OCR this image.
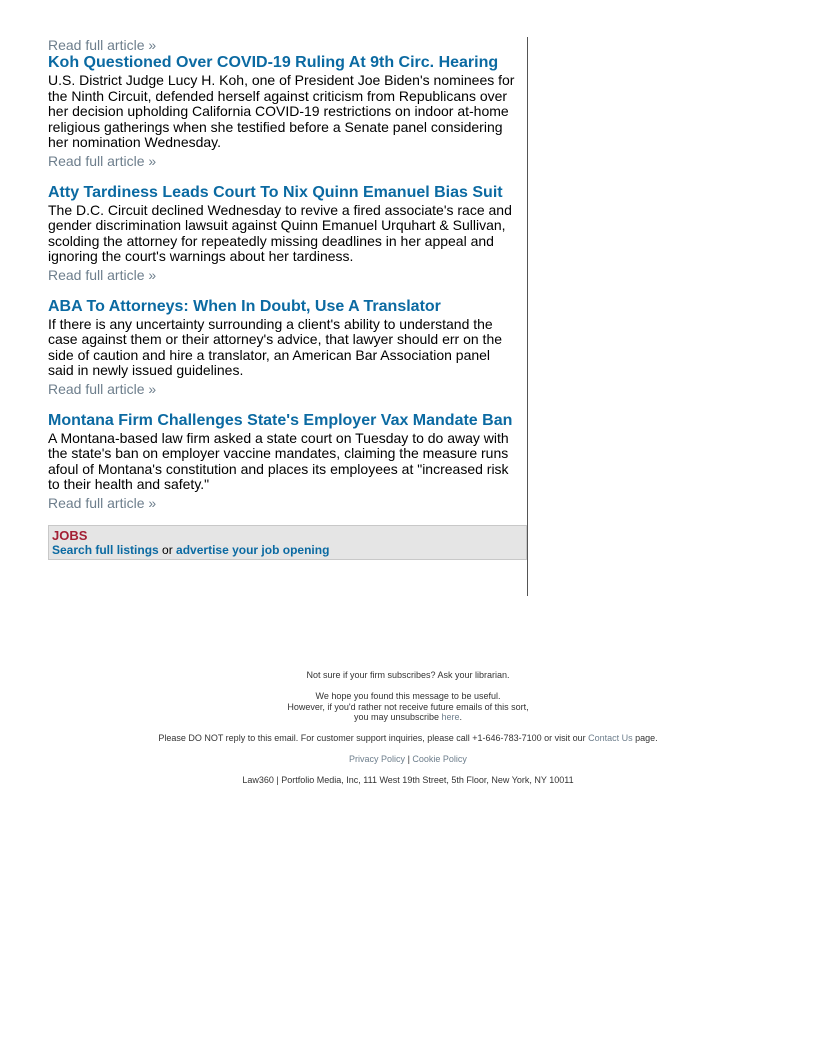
Read full article »
Koh Questioned Over COVID-19 Ruling At 9th Circ. Hearing
U.S. District Judge Lucy H. Koh, one of President Joe Biden's nominees for the Ninth Circuit, defended herself against criticism from Republicans over her decision upholding California COVID-19 restrictions on indoor at-home religious gatherings when she testified before a Senate panel considering her nomination Wednesday.
Read full article »
Atty Tardiness Leads Court To Nix Quinn Emanuel Bias Suit
The D.C. Circuit declined Wednesday to revive a fired associate's race and gender discrimination lawsuit against Quinn Emanuel Urquhart & Sullivan, scolding the attorney for repeatedly missing deadlines in her appeal and ignoring the court's warnings about her tardiness.
Read full article »
ABA To Attorneys: When In Doubt, Use A Translator
If there is any uncertainty surrounding a client's ability to understand the case against them or their attorney's advice, that lawyer should err on the side of caution and hire a translator, an American Bar Association panel said in newly issued guidelines.
Read full article »
Montana Firm Challenges State's Employer Vax Mandate Ban
A Montana-based law firm asked a state court on Tuesday to do away with the state's ban on employer vaccine mandates, claiming the measure runs afoul of Montana's constitution and places its employees at "increased risk to their health and safety."
Read full article »
JOBS
Search full listings or advertise your job opening

Not sure if your firm subscribes? Ask your librarian.

We hope you found this message to be useful.
However, if you'd rather not receive future emails of this sort,
you may unsubscribe here.

Please DO NOT reply to this email. For customer support inquiries, please call +1-646-783-7100 or visit our Contact Us page.

Privacy Policy | Cookie Policy

Law360 | Portfolio Media, Inc, 111 West 19th Street, 5th Floor, New York, NY 10011
